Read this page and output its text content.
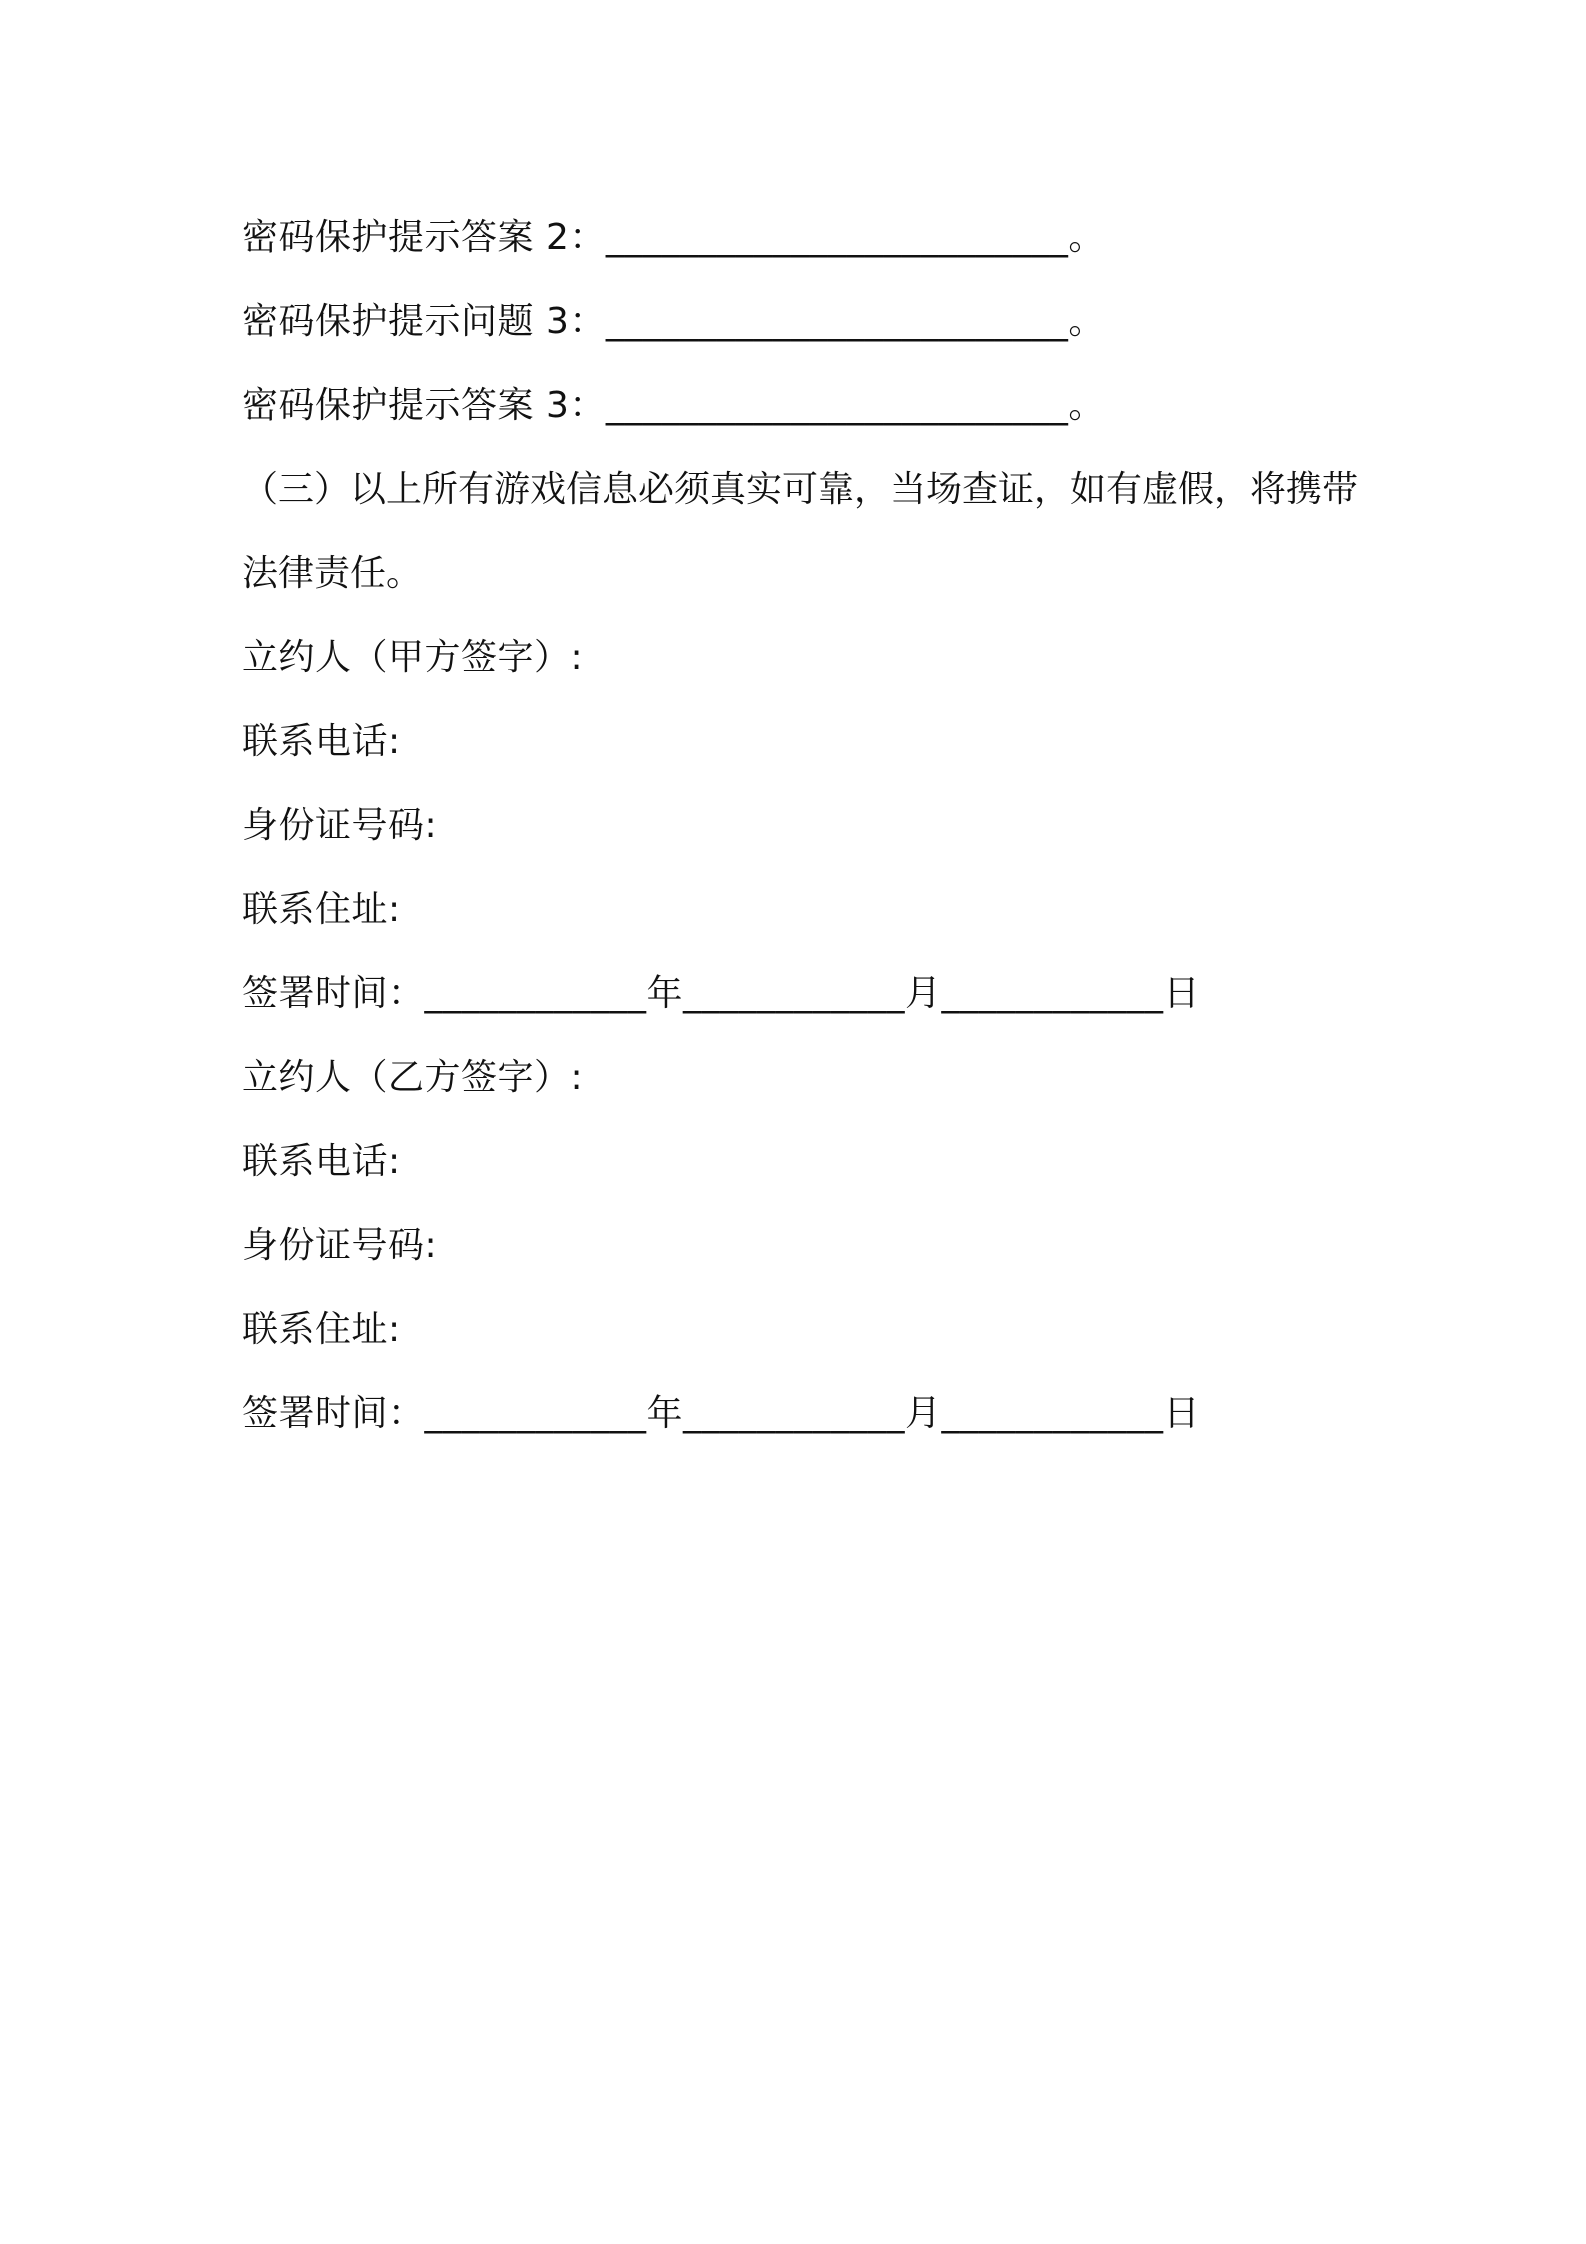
密码保护提示答案 2：_________________________。
密码保护提示问题 3：_________________________。
密码保护提示答案 3：_________________________。
（三）以上所有游戏信息必须真实可靠，当场查证，如有虚假，将携带法律责任。
立约人（甲方签字）:
联系电话:
身份证号码:
联系住址:
签署时间：____________年____________月____________日
立约人（乙方签字）:
联系电话:
身份证号码:
联系住址:
签署时间：____________年____________月____________日
